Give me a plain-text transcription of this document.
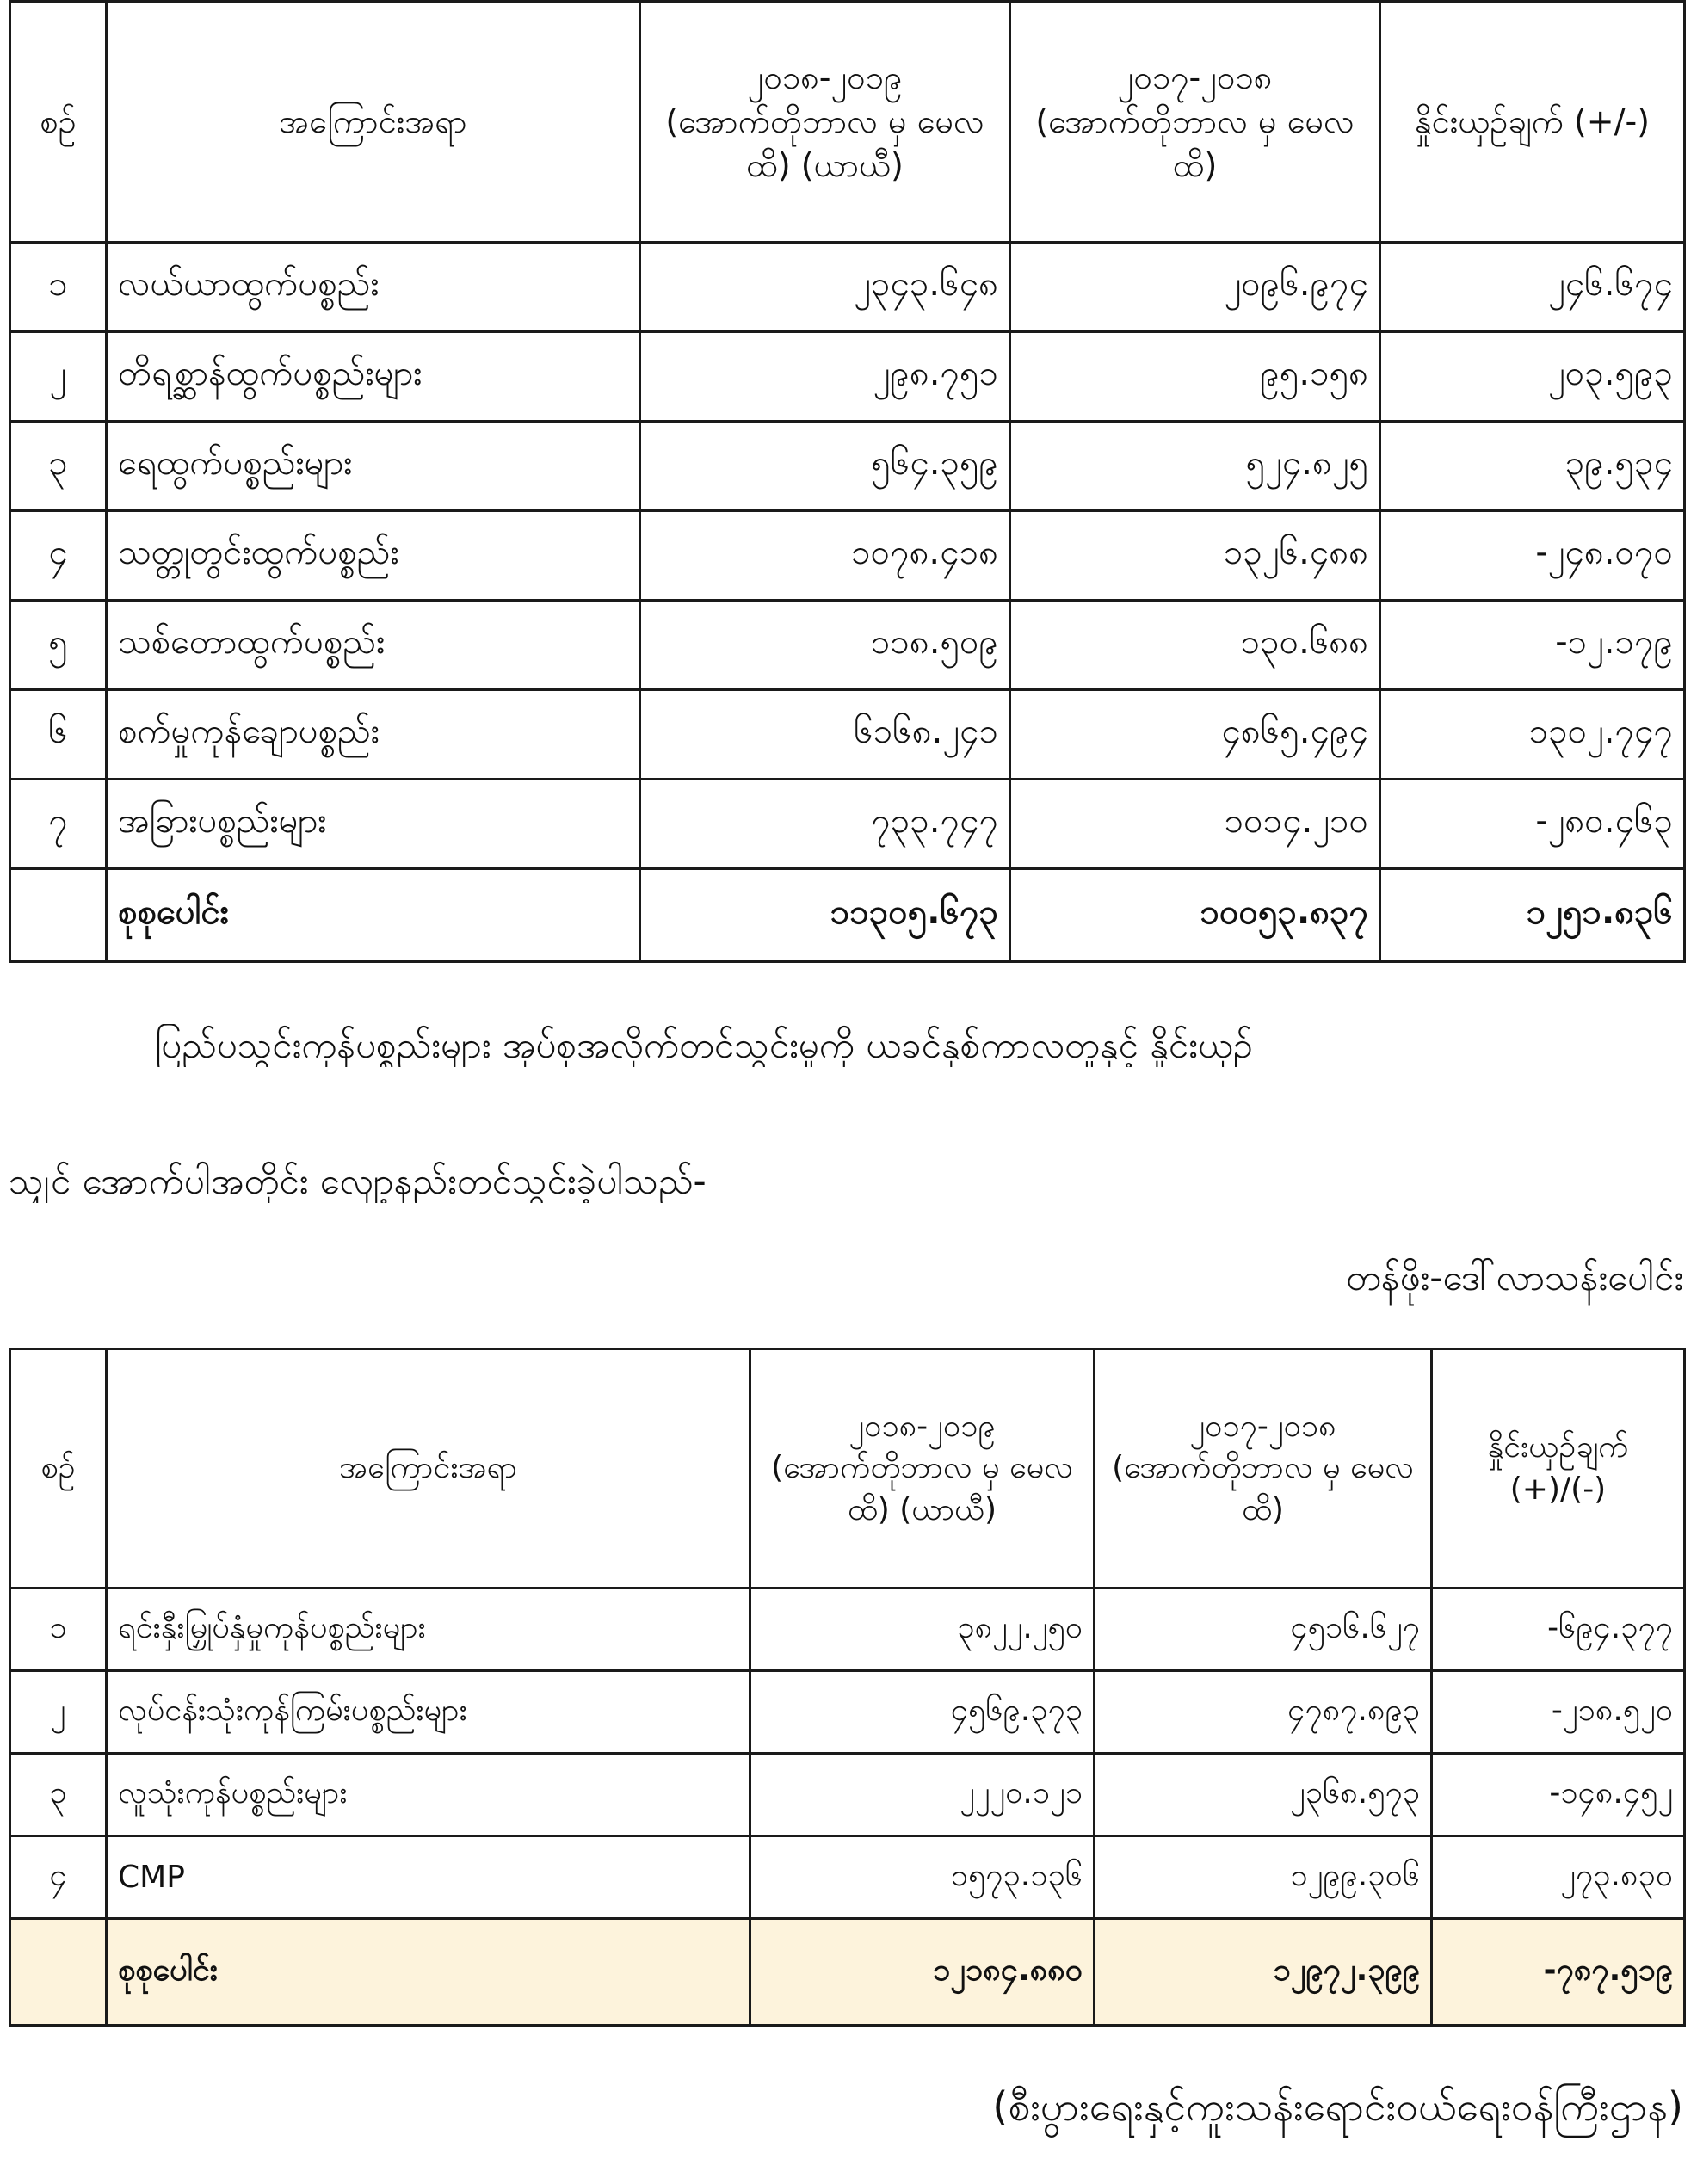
စဉ်	အကြောင်းအရာ	၂၀၁၈-၂၀၁၉ (အောက်တိုဘာလ မှ မေလထိ) (ယာယီ)	၂၀၁၇-၂၀၁၈ (အောက်တိုဘာလ မှ မေလထိ)	နှိုင်းယှဉ်ချက် (+/-)
၁	လယ်ယာထွက်ပစ္စည်း	၂၃၄၃.၆၄၈	၂၀၉၆.၉၇၄	၂၄၆.၆၇၄
၂	တိရစ္ဆာန်ထွက်ပစ္စည်းများ	၂၉၈.၇၅၁	၉၅.၁၅၈	၂၀၃.၅၉၃
၃	ရေထွက်ပစ္စည်းများ	၅၆၄.၃၅၉	၅၂၄.၈၂၅	၃၉.၅၃၄
၄	သတ္တုတွင်းထွက်ပစ္စည်း	၁၀၇၈.၄၁၈	၁၃၂၆.၄၈၈	-၂၄၈.၀၇၀
၅	သစ်တောထွက်ပစ္စည်း	၁၁၈.၅၀၉	၁၃၀.၆၈၈	-၁၂.၁၇၉
၆	စက်မှုကုန်ချောပစ္စည်း	၆၁၆၈.၂၄၁	၄၈၆၅.၄၉၄	၁၃၀၂.၇၄၇
၇	အခြားပစ္စည်းများ	၇၃၃.၇၄၇	၁၀၁၄.၂၁၀	-၂၈၀.၄၆၃
	စုစုပေါင်း	၁၁၃၀၅.၆၇၃	၁၀၀၅၃.၈၃၇	၁၂၅၁.၈၃၆
ပြည်ပသွင်းကုန်ပစ္စည်းများ အုပ်စုအလိုက်တင်သွင်းမှုကို ယခင်နှစ်ကာလတူနှင့် နှိုင်းယှဉ်
သျှင် အောက်ပါအတိုင်း လျော့နည်းတင်သွင်းခဲ့ပါသည်-
တန်ဖိုး-ဒေါ်လာသန်းပေါင်း
စဉ်	အကြောင်းအရာ	၂၀၁၈-၂၀၁၉ (အောက်တိုဘာလ မှ မေလထိ) (ယာယီ)	၂၀၁၇-၂၀၁၈ (အောက်တိုဘာလ မှ မေလထိ)	နှိုင်းယှဉ်ချက် (+)/(-)
၁	ရင်းနှီးမြှုပ်နှံမှုကုန်ပစ္စည်းများ	၃၈၂၂.၂၅၀	၄၅၁၆.၆၂၇	-၆၉၄.၃၇၇
၂	လုပ်ငန်းသုံးကုန်ကြမ်းပစ္စည်းများ	၄၅၆၉.၃၇၃	၄၇၈၇.၈၉၃	-၂၁၈.၅၂၀
၃	လူသုံးကုန်ပစ္စည်းများ	၂၂၂၀.၁၂၁	၂၃၆၈.၅၇၃	-၁၄၈.၄၅၂
၄	CMP	၁၅၇၃.၁၃၆	၁၂၉၉.၃၀၆	၂၇၃.၈၃၀
	စုစုပေါင်း	၁၂၁၈၄.၈၈၀	၁၂၉၇၂.၃၉၉	-၇၈၇.၅၁၉
(စီးပွားရေးနှင့်ကူးသန်းရောင်းဝယ်ရေးဝန်ကြီးဌာန)
